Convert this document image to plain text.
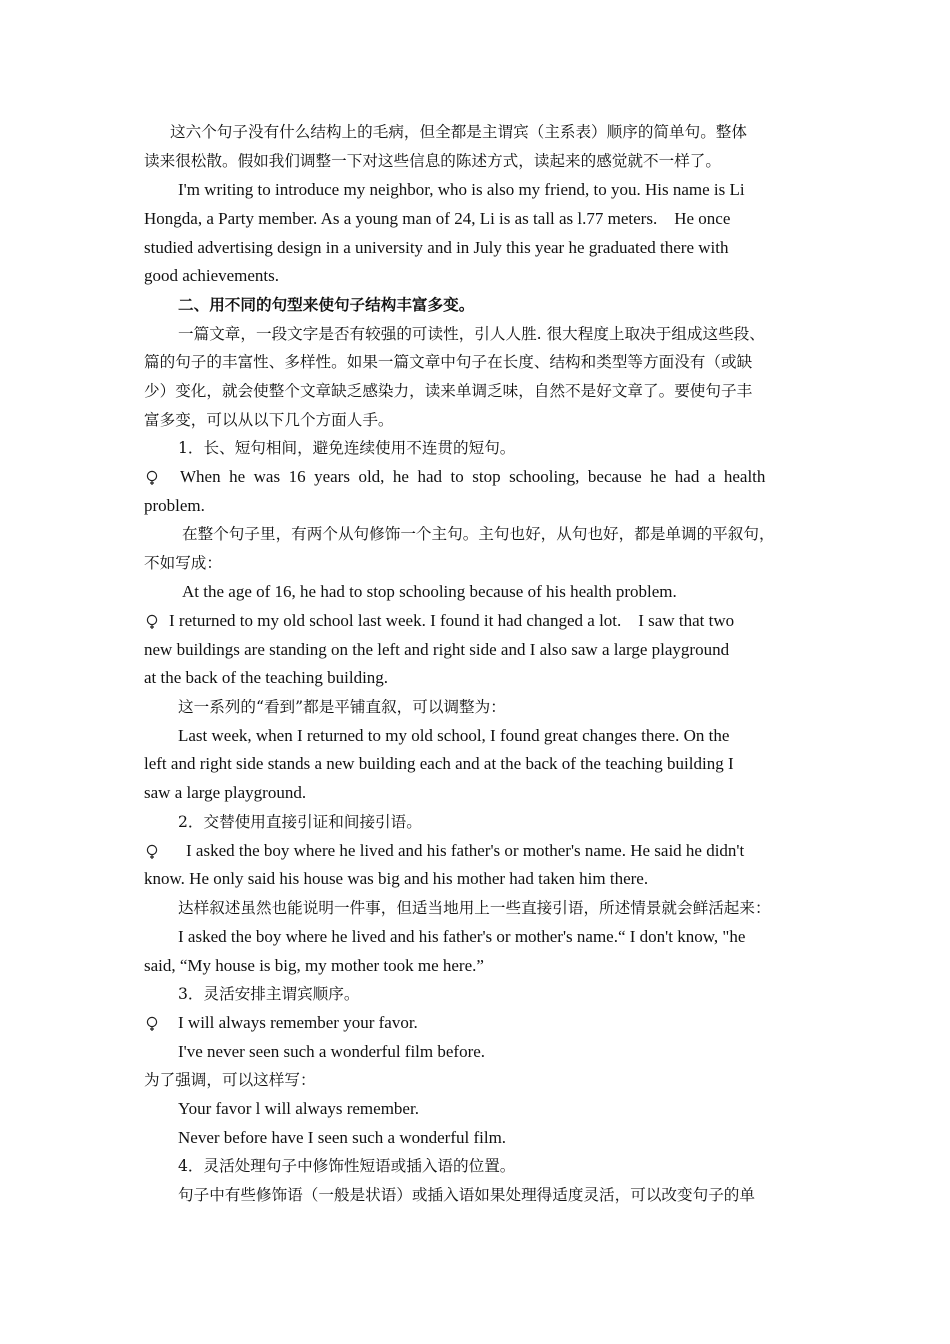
这六个句子没有什么结构上的毛病，但全都是主谓宾（主系表）顺序的简单句。整体
读来很松散。假如我们调整一下对这些信息的陈述方式，读起来的感觉就不一样了。
I'm writing to introduce my neighbor, who is also my friend, to you. His name is Li
Hongda, a Party member. As a young man of 24, Li is as tall as l.77 meters.    He once
studied advertising design in a university and in July this year he graduated there with
good achievements.
二、用不同的句型来使句子结构丰富多变。
一篇文章，一段文字是否有较强的可读性，引人人胜. 很大程度上取决于组成这些段、
篇的句子的丰富性、多样性。如果一篇文章中句子在长度、结构和类型等方面没有（或缺
少）变化，就会使整个文章缺乏感染力，读来单调乏味，自然不是好文章了。要使句子丰
富多变，可以从以下几个方面人手。
1．长、短句相间，避免连续使用不连贯的短句。
When  he  was  16  years  old,  he  had  to  stop  schooling,  because  he  had  a  health
problem.
在整个句子里，有两个从句修饰一个主句。主句也好，从句也好，都是单调的平叙句，
不如写成：
At the age of 16, he had to stop schooling because of his health problem.
I returned to my old school last week. I found it had changed a lot.    I saw that two
new buildings are standing on the left and right side and I also saw a large playground
at the back of the teaching building.
这一系列的“看到”都是平铺直叙，可以调整为：
Last week, when I returned to my old school, I found great changes there. On the
left and right side stands a new building each and at the back of the teaching building I
saw a large playground.
2．交替使用直接引证和间接引语。
I asked the boy where he lived and his father's or mother's name. He said he didn't
know. He only said his house was big and his mother had taken him there.
达样叙述虽然也能说明一件事，但适当地用上一些直接引语，所述情景就会鲜活起来：
I asked the boy where he lived and his father's or mother's name.“ I don't know, "he
said, “My house is big, my mother took me here.”
3．灵活安排主谓宾顺序。
I will always remember your favor.
I've never seen such a wonderful film before.
为了强调，可以这样写：
Your favor l will always remember.
Never before have I seen such a wonderful film.
4．灵活处理句子中修饰性短语或插入语的位置。
句子中有些修饰语（一般是状语）或插入语如果处理得适度灵活，可以改变句子的单
